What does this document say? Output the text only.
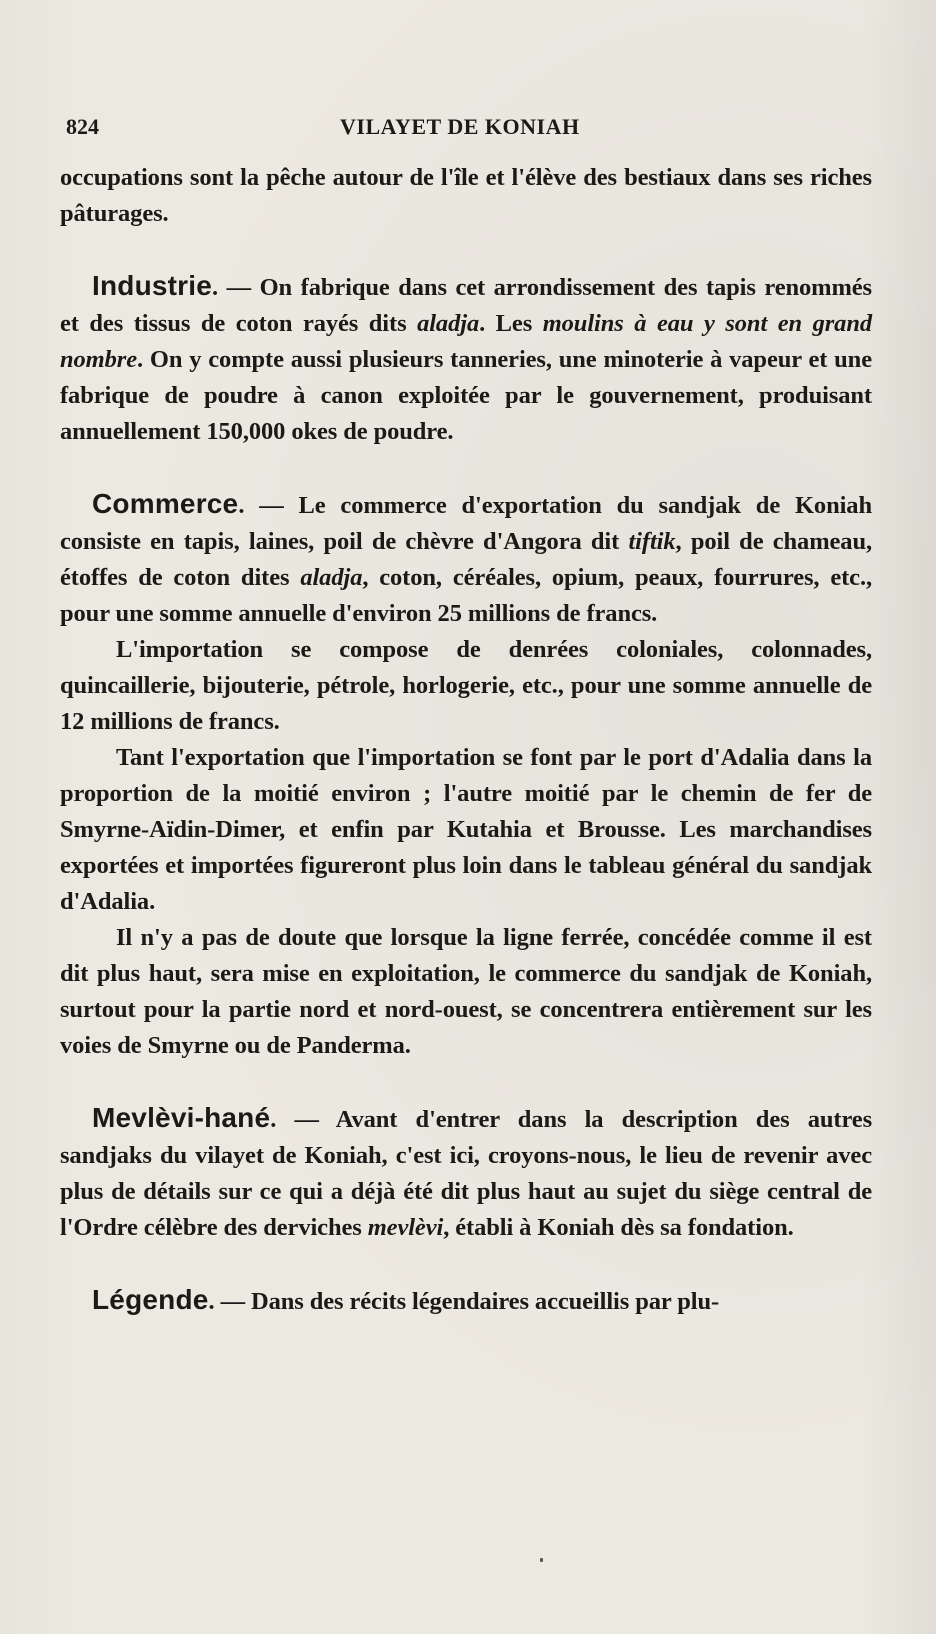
824	VILAYET DE KONIAH

occupations sont la pêche autour de l'île et l'élève des bestiaux dans ses riches pâturages.

Industrie. — On fabrique dans cet arrondissement des tapis renommés et des tissus de coton rayés dits aladja. Les moulins à eau y sont en grand nombre. On y compte aussi plusieurs tanneries, une minoterie à vapeur et une fabrique de poudre à canon exploitée par le gouvernement, produisant annuellement 150,000 okes de poudre.

Commerce. — Le commerce d'exportation du sandjak de Koniah consiste en tapis, laines, poil de chèvre d'Angora dit tiftik, poil de chameau, étoffes de coton dites aladja, coton, céréales, opium, peaux, fourrures, etc., pour une somme annuelle d'environ 25 millions de francs.

L'importation se compose de denrées coloniales, colonnades, quincaillerie, bijouterie, pétrole, horlogerie, etc., pour une somme annuelle de 12 millions de francs.

Tant l'exportation que l'importation se font par le port d'Adalia dans la proportion de la moitié environ ; l'autre moitié par le chemin de fer de Smyrne-Aïdin-Dimer, et enfin par Kutahia et Brousse. Les marchandises exportées et importées figureront plus loin dans le tableau général du sandjak d'Adalia.

Il n'y a pas de doute que lorsque la ligne ferrée, concédée comme il est dit plus haut, sera mise en exploitation, le commerce du sandjak de Koniah, surtout pour la partie nord et nord-ouest, se concentrera entièrement sur les voies de Smyrne ou de Panderma.

Mevlèvi-hané. — Avant d'entrer dans la description des autres sandjaks du vilayet de Koniah, c'est ici, croyons-nous, le lieu de revenir avec plus de détails sur ce qui a déjà été dit plus haut au sujet du siège central de l'Ordre célèbre des derviches mevlèvi, établi à Koniah dès sa fondation.

Légende. — Dans des récits légendaires accueillis par plu-
